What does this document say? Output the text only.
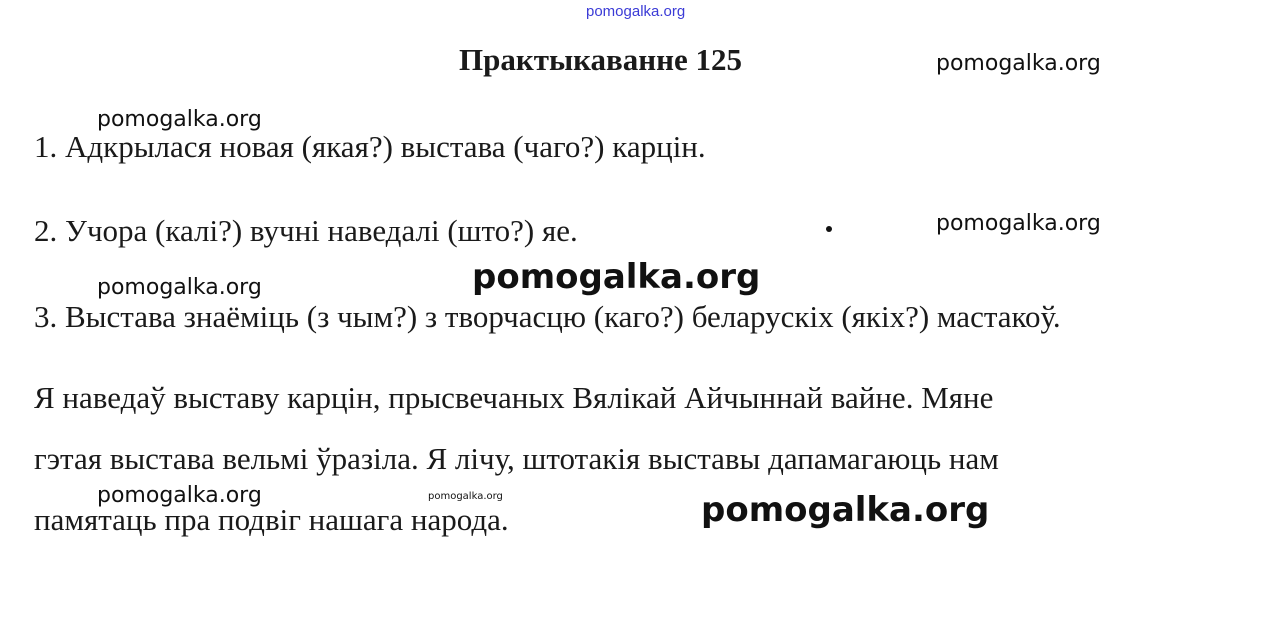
pomogalka.org
Практыкаванне 125
1. Адкрылася новая (якая?) выстава (чаго?) карцін.
2. Учора (калі?) вучні наведалі (што?) яе.
3. Выстава знаёміць (з чым?) з творчасцю (каго?) беларускіх (якіх?) мастакоў.
Я наведаў выставу карцін, прысвечаных Вялікай Айчыннай вайне. Мяне
гэтая выстава вельмі ўразіла. Я лічу, штотакія выставы дапамагаюць нам
памятаць пра подвіг нашага народа.
pomogalka.org
pomogalka.org
pomogalka.org
pomogalka.org
pomogalka.org
pomogalka.org	pomogalka.org	pomogalka.org
